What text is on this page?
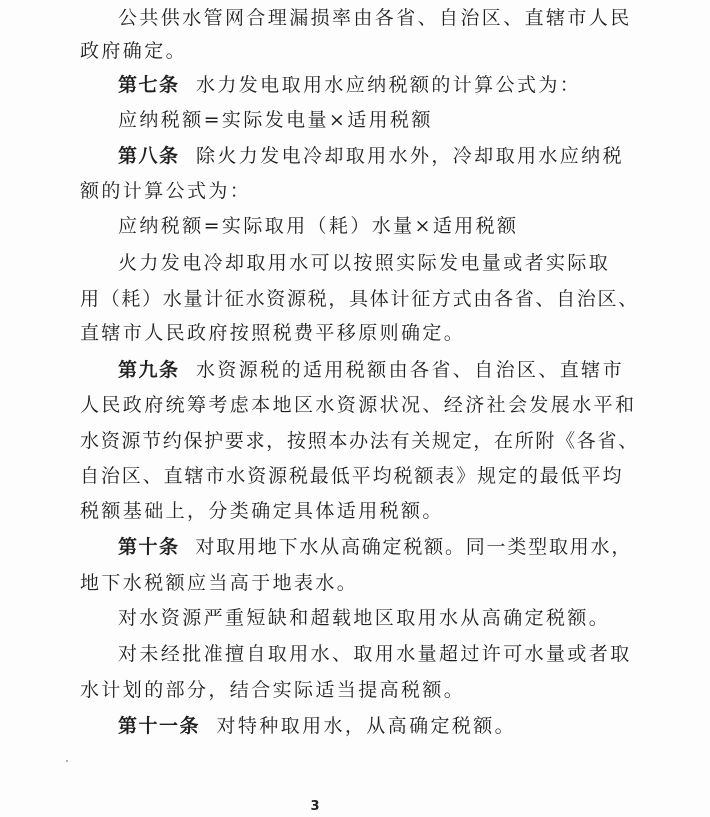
公共供水管网合理漏损率由各省、自治区、直辖市人民
政府确定。
第七条 水力发电取用水应纳税额的计算公式为：
应纳税额=实际发电量×适用税额
第八条 除火力发电冷却取用水外，冷却取用水应纳税
额的计算公式为：
应纳税额=实际取用（耗）水量×适用税额
火力发电冷却取用水可以按照实际发电量或者实际取
用（耗）水量计征水资源税，具体计征方式由各省、自治区、
直辖市人民政府按照税费平移原则确定。
第九条 水资源税的适用税额由各省、自治区、直辖市
人民政府统筹考虑本地区水资源状况、经济社会发展水平和
水资源节约保护要求，按照本办法有关规定，在所附《各省、
自治区、直辖市水资源税最低平均税额表》规定的最低平均
税额基础上，分类确定具体适用税额。
第十条 对取用地下水从高确定税额。同一类型取用水，
地下水税额应当高于地表水。
对水资源严重短缺和超载地区取用水从高确定税额。
对未经批准擅自取用水、取用水量超过许可水量或者取
水计划的部分，结合实际适当提高税额。
第十一条 对特种取用水，从高确定税额。
3
